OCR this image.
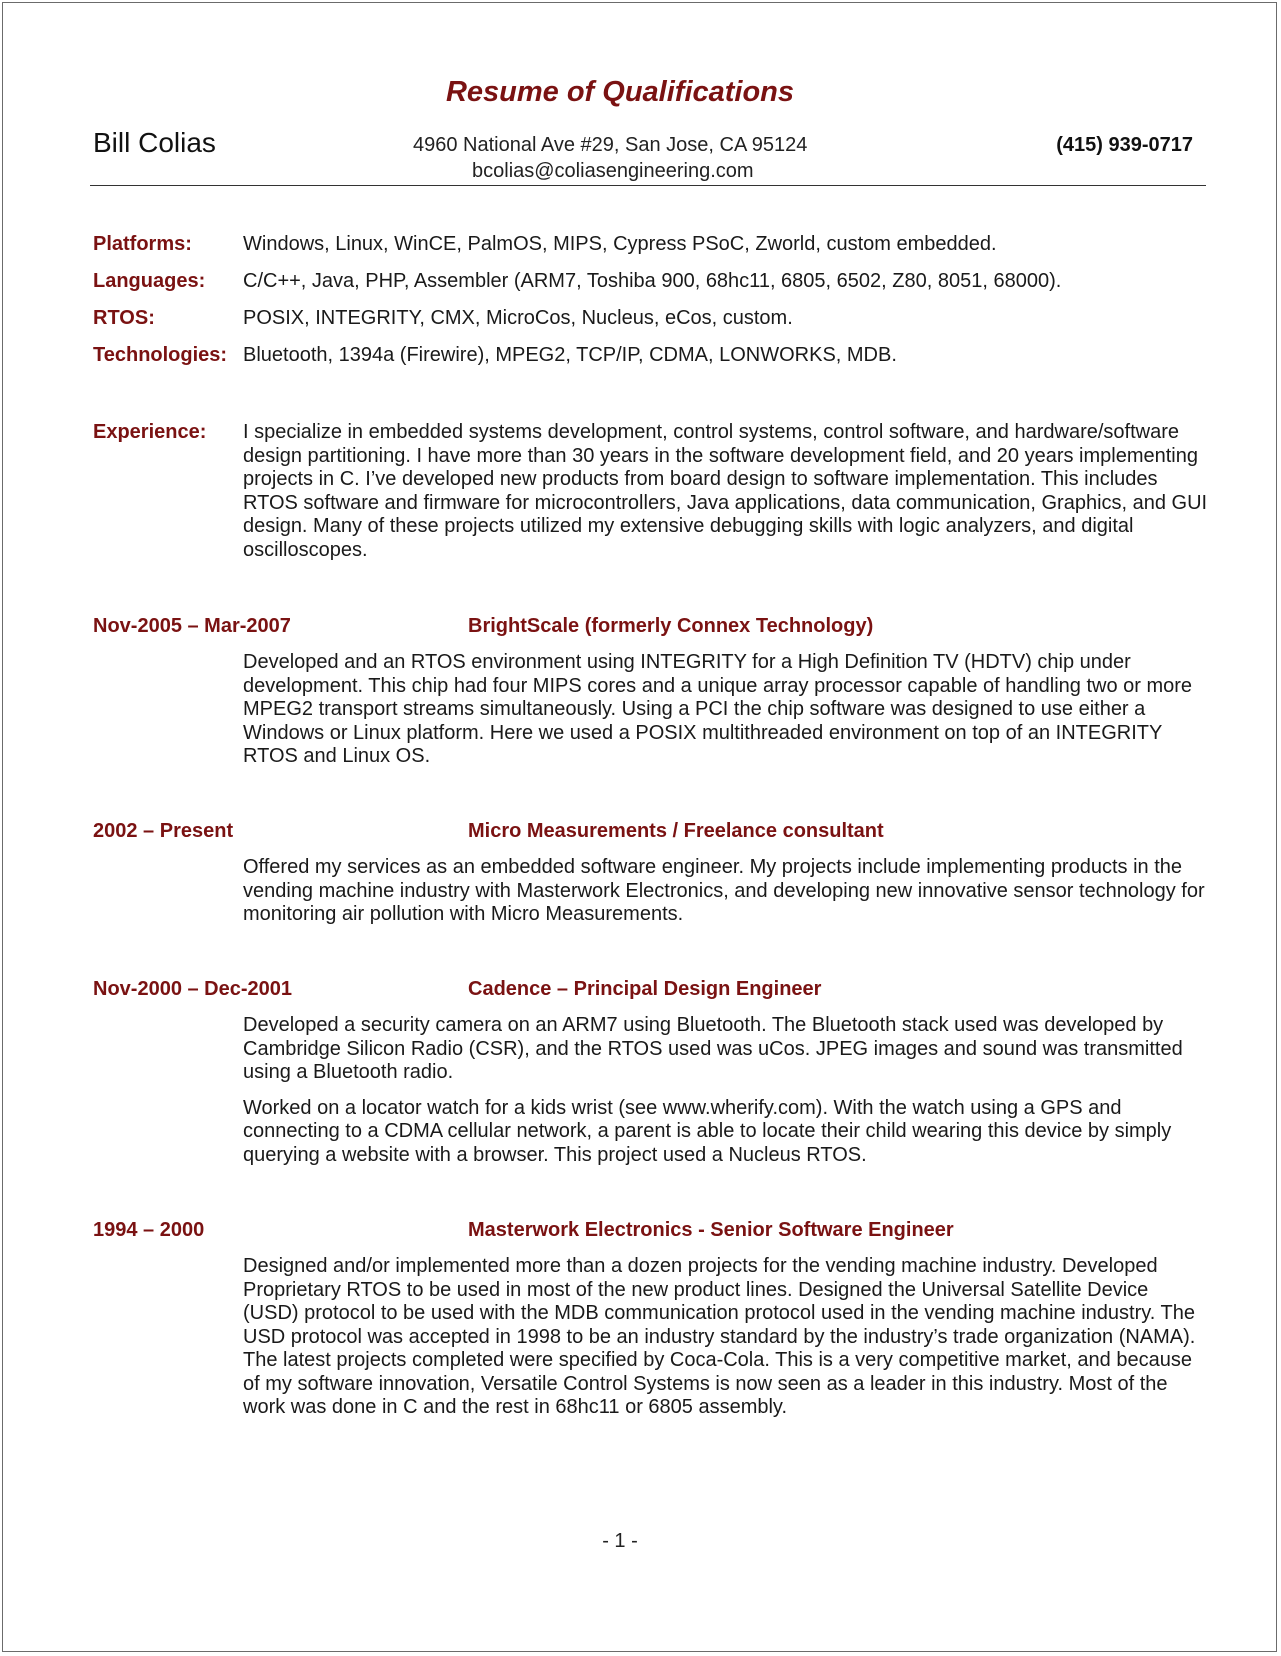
Resume of Qualifications
Bill Colias	4960 National Ave #29, San Jose, CA 95124
bcolias@coliasengineering.com
(415) 939-0717
Platforms:	Windows, Linux, WinCE, PalmOS, MIPS, Cypress PSoC, Zworld, custom embedded.
Languages: C/C++, Java, PHP, Assembler (ARM7, Toshiba 900, 68hc11, 6805, 6502, Z80, 8051, 68000).
RTOS:	POSIX, INTEGRITY, CMX, MicroCos, Nucleus, eCos, custom.
Technologies: Bluetooth, 1394a (Firewire), MPEG2, TCP/IP, CDMA, LONWORKS, MDB.
Experience: I specialize in embedded systems development, control systems, control software, and hardware/software design partitioning. I have more than 30 years in the software development field, and 20 years implementing projects in C. I’ve developed new products from board design to software implementation. This includes RTOS software and firmware for microcontrollers, Java applications, data communication, Graphics, and GUI design. Many of these projects utilized my extensive debugging skills with logic analyzers, and digital oscilloscopes.
Nov-2005 – Mar-2007	BrightScale (formerly Connex Technology)

Developed and an RTOS environment using INTEGRITY for a High Definition TV (HDTV) chip under development. This chip had four MIPS cores and a unique array processor capable of handling two or more MPEG2 transport streams simultaneously. Using a PCI the chip software was designed to use either a Windows or Linux platform. Here we used a POSIX multithreaded environment on top of an INTEGRITY RTOS and Linux OS.

2002 – Present	Micro Measurements / Freelance consultant

Offered my services as an embedded software engineer. My projects include implementing products in the vending machine industry with Masterwork Electronics, and developing new innovative sensor technology for monitoring air pollution with Micro Measurements.

Nov-2000 – Dec-2001	Cadence – Principal Design Engineer

Developed a security camera on an ARM7 using Bluetooth. The Bluetooth stack used was developed by Cambridge Silicon Radio (CSR), and the RTOS used was uCos. JPEG images and sound was transmitted using a Bluetooth radio.

Worked on a locator watch for a kids wrist (see www.wherify.com). With the watch using a GPS and connecting to a CDMA cellular network, a parent is able to locate their child wearing this device by simply querying a website with a browser. This project used a Nucleus RTOS.

1994 – 2000	Masterwork Electronics - Senior Software Engineer

Designed and/or implemented more than a dozen projects for the vending machine industry. Developed Proprietary RTOS to be used in most of the new product lines. Designed the Universal Satellite Device (USD) protocol to be used with the MDB communication protocol used in the vending machine industry. The USD protocol was accepted in 1998 to be an industry standard by the industry’s trade organization (NAMA). The latest projects completed were specified by Coca-Cola. This is a very competitive market, and because of my software innovation, Versatile Control Systems is now seen as a leader in this industry. Most of the work was done in C and the rest in 68hc11 or 6805 assembly.

- 1 -
